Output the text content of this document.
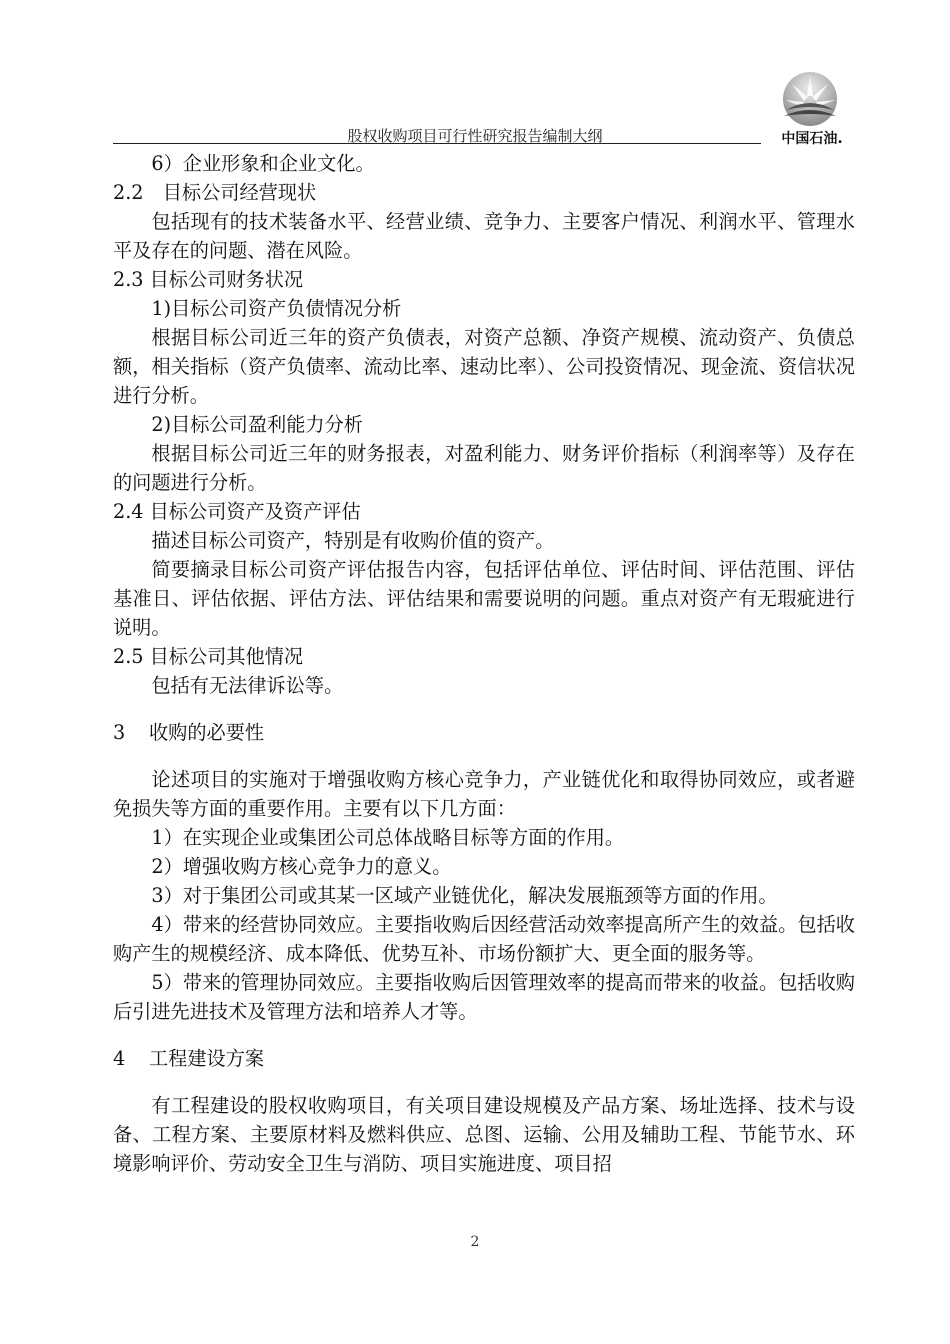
中国石油.
股权收购项目可行性研究报告编制大纲

6）企业形象和企业文化。

2.2　目标公司经营现状

包括现有的技术装备水平、经营业绩、竞争力、主要客户情况、利润水平、管理水平及存在的问题、潜在风险。

2.3 目标公司财务状况

1)目标公司资产负债情况分析

根据目标公司近三年的资产负债表，对资产总额、净资产规模、流动资产、负债总额，相关指标（资产负债率、流动比率、速动比率）、公司投资情况、现金流、资信状况进行分析。

2)目标公司盈利能力分析

根据目标公司近三年的财务报表，对盈利能力、财务评价指标（利润率等）及存在的问题进行分析。

2.4 目标公司资产及资产评估

描述目标公司资产，特别是有收购价值的资产。

简要摘录目标公司资产评估报告内容，包括评估单位、评估时间、评估范围、评估基准日、评估依据、评估方法、评估结果和需要说明的问题。重点对资产有无瑕疵进行说明。

2.5 目标公司其他情况

包括有无法律诉讼等。

3 收购的必要性

论述项目的实施对于增强收购方核心竞争力，产业链优化和取得协同效应，或者避免损失等方面的重要作用。主要有以下几方面：

1）在实现企业或集团公司总体战略目标等方面的作用。

2）增强收购方核心竞争力的意义。

3）对于集团公司或其某一区域产业链优化，解决发展瓶颈等方面的作用。

4）带来的经营协同效应。主要指收购后因经营活动效率提高所产生的效益。包括收购产生的规模经济、成本降低、优势互补、市场份额扩大、更全面的服务等。

5）带来的管理协同效应。主要指收购后因管理效率的提高而带来的收益。包括收购后引进先进技术及管理方法和培养人才等。

4 工程建设方案

有工程建设的股权收购项目，有关项目建设规模及产品方案、场址选择、技术与设备、工程方案、主要原材料及燃料供应、总图、运输、公用及辅助工程、节能节水、环境影响评价、劳动安全卫生与消防、项目实施进度、项目招

2
